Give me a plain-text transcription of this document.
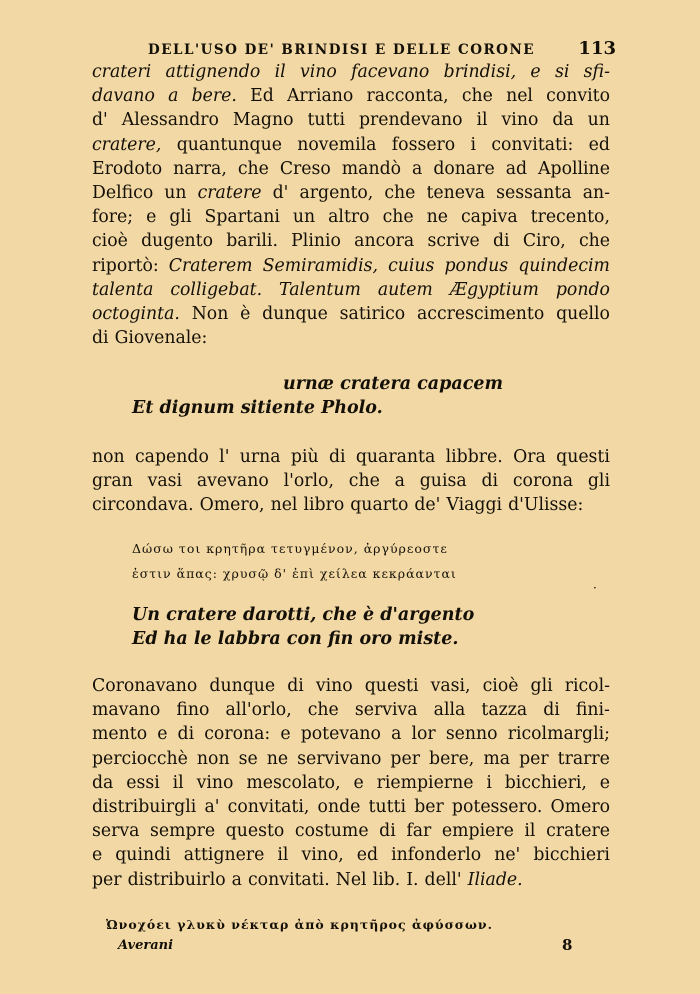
DELL'USO DE' BRINDISI E DELLE CORONE 113
crateri attignendo il vino facevano brindisi, e si sfi-
davano a bere. Ed Arriano racconta, che nel convito
d' Alessandro Magno tutti prendevano il vino da un
cratere, quantunque novemila fossero i convitati: ed
Erodoto narra, che Creso mandò a donare ad Apolline
Delfico un cratere d' argento, che teneva sessanta an-
fore; e gli Spartani un altro che ne capiva trecento,
cioè dugento barili. Plinio ancora scrive di Ciro, che
riportò: Craterem Semiramidis, cuius pondus quindecim
talenta colligebat. Talentum autem Ægyptium pondo
octoginta. Non è dunque satirico accrescimento quello
di Giovenale:
urnæ cratera capacem
Et dignum sitiente Pholo.
non capendo l' urna più di quaranta libbre. Ora questi
gran vasi avevano l'orlo, che a guisa di corona gli
circondava. Omero, nel libro quarto de' Viaggi d'Ulisse:
Δώσω τοι κρητῆρα τετυγμένον, ἀργύρεοστε
ἐστιν ἅπας: χρυσῷ δ' ἐπὶ χείλεα κεκράανται
·
Un cratere darotti, che è d'argento
Ed ha le labbra con fin oro miste.
Coronavano dunque di vino questi vasi, cioè gli ricol-
mavano fino all'orlo, che serviva alla tazza di fini-
mento e di corona: e potevano a lor senno ricolmargli;
perciocchè non se ne servivano per bere, ma per trarre
da essi il vino mescolato, e riempierne i bicchieri, e
distribuirgli a' convitati, onde tutti ber potessero. Omero
serva sempre questo costume di far empiere il cratere
e quindi attignere il vino, ed infonderlo ne' bicchieri
per distribuirlo a convitati. Nel lib. I. dell' Iliade.
Ὠνοχόει γλυκὺ νέκταρ ἀπὸ κρητῆρος ἀφύσσων.
Averani	8
